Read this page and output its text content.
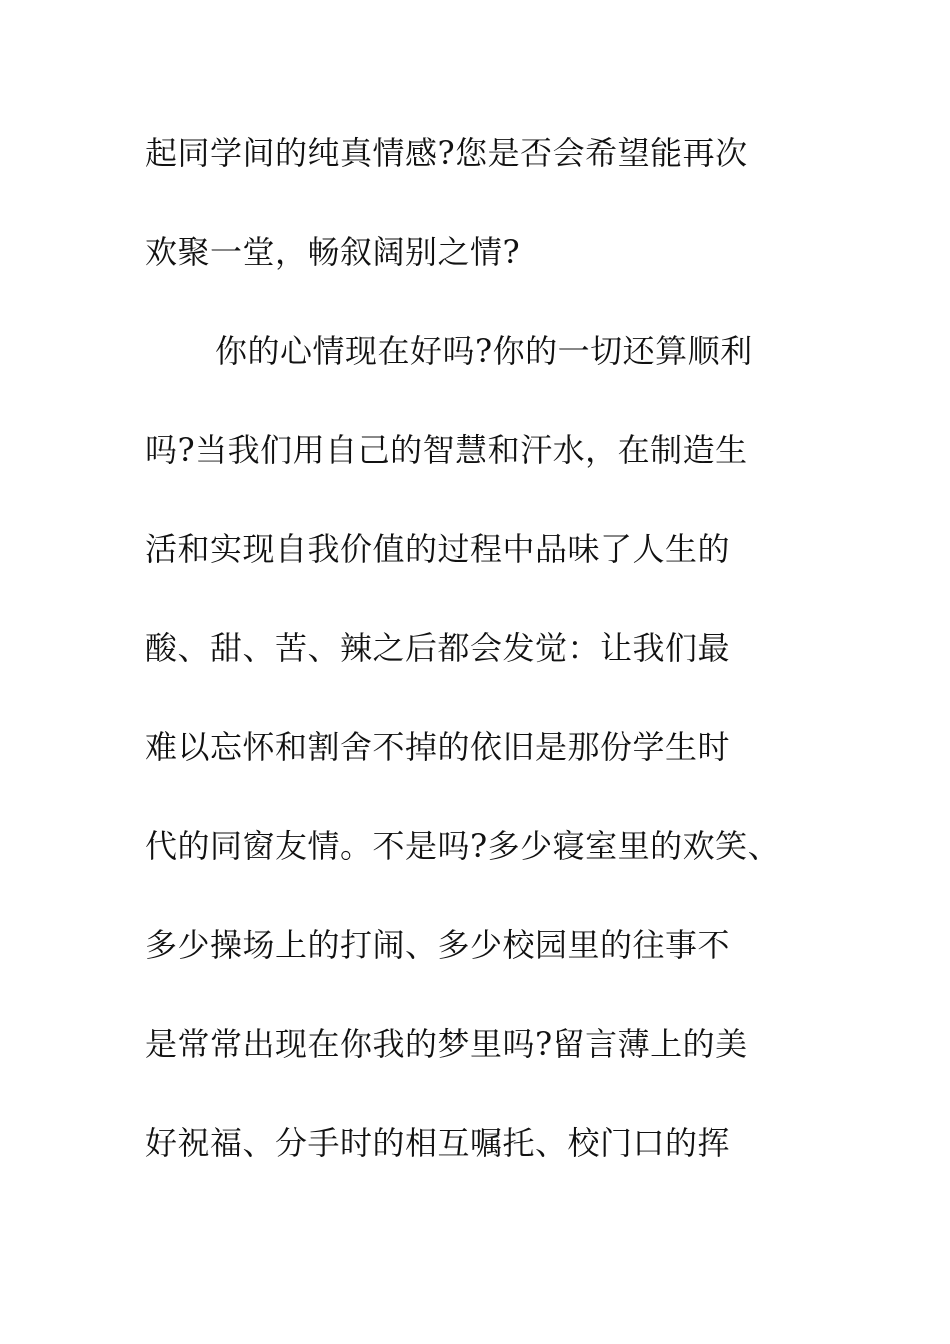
起同学间的纯真情感?您是否会希望能再次
欢聚一堂，畅叙阔别之情?
你的心情现在好吗?你的一切还算顺利
吗?当我们用自己的智慧和汗水，在制造生
活和实现自我价值的过程中品味了人生的
酸、甜、苦、辣之后都会发觉：让我们最
难以忘怀和割舍不掉的依旧是那份学生时
代的同窗友情。不是吗?多少寝室里的欢笑、
多少操场上的打闹、多少校园里的往事不
是常常出现在你我的梦里吗?留言薄上的美
好祝福、分手时的相互嘱托、校门口的挥
